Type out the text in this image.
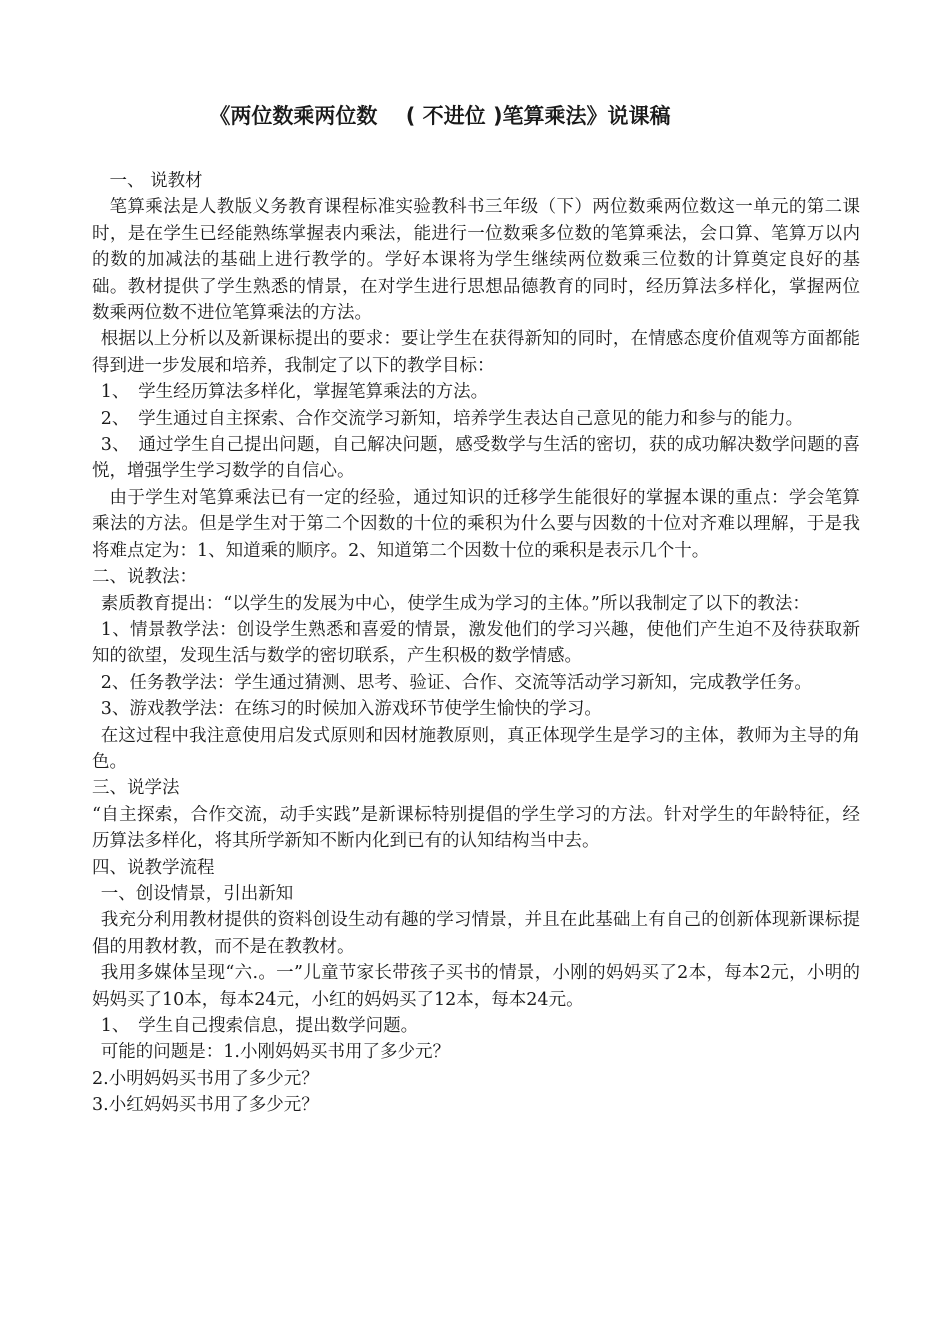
《两位数乘两位数　 ( 不进位 )笔算乘法》说课稿

一、 说教材

笔算乘法是人教版义务教育课程标准实验教科书三年级（下）两位数乘两位数这一单元的第二课时，是在学生已经能熟练掌握表内乘法，能进行一位数乘多位数的笔算乘法，会口算、笔算万以内的数的加减法的基础上进行教学的。学好本课将为学生继续两位数乘三位数的计算奠定良好的基础。教材提供了学生熟悉的情景，在对学生进行思想品德教育的同时，经历算法多样化，掌握两位数乘两位数不进位笔算乘法的方法。

根据以上分析以及新课标提出的要求：要让学生在获得新知的同时，在情感态度价值观等方面都能得到进一步发展和培养，我制定了以下的教学目标：

1、　学生经历算法多样化，掌握笔算乘法的方法。

2、　学生通过自主探索、合作交流学习新知，培养学生表达自己意见的能力和参与的能力。

3、　通过学生自己提出问题，自己解决问题，感受数学与生活的密切，获的成功解决数学问题的喜悦，增强学生学习数学的自信心。

由于学生对笔算乘法已有一定的经验，通过知识的迁移学生能很好的掌握本课的重点：学会笔算乘法的方法。但是学生对于第二个因数的十位的乘积为什么要与因数的十位对齐难以理解，于是我将难点定为：1、知道乘的顺序。2、知道第二个因数十位的乘积是表示几个十。

二、说教法：

素质教育提出：“以学生的发展为中心，使学生成为学习的主体。”所以我制定了以下的教法：

1、情景教学法：创设学生熟悉和喜爱的情景，激发他们的学习兴趣，使他们产生迫不及待获取新知的欲望，发现生活与数学的密切联系，产生积极的数学情感。

2、任务教学法：学生通过猜测、思考、验证、合作、交流等活动学习新知，完成教学任务。

3、游戏教学法：在练习的时候加入游戏环节使学生愉快的学习。

在这过程中我注意使用启发式原则和因材施教原则，真正体现学生是学习的主体，教师为主导的角色。

三、说学法

“自主探索，合作交流，动手实践”是新课标特别提倡的学生学习的方法。针对学生的年龄特征，经历算法多样化，将其所学新知不断内化到已有的认知结构当中去。

四、说教学流程

一、创设情景，引出新知

我充分利用教材提供的资料创设生动有趣的学习情景，并且在此基础上有自己的创新体现新课标提倡的用教材教，而不是在教教材。

我用多媒体呈现“六.。一”儿童节家长带孩子买书的情景，小刚的妈妈买了2本，每本2元，小明的妈妈买了10本，每本24元，小红的妈妈买了12本，每本24元。

1、　学生自己搜索信息，提出数学问题。

可能的问题是：1.小刚妈妈买书用了多少元？

2.小明妈妈买书用了多少元？

3.小红妈妈买书用了多少元？
